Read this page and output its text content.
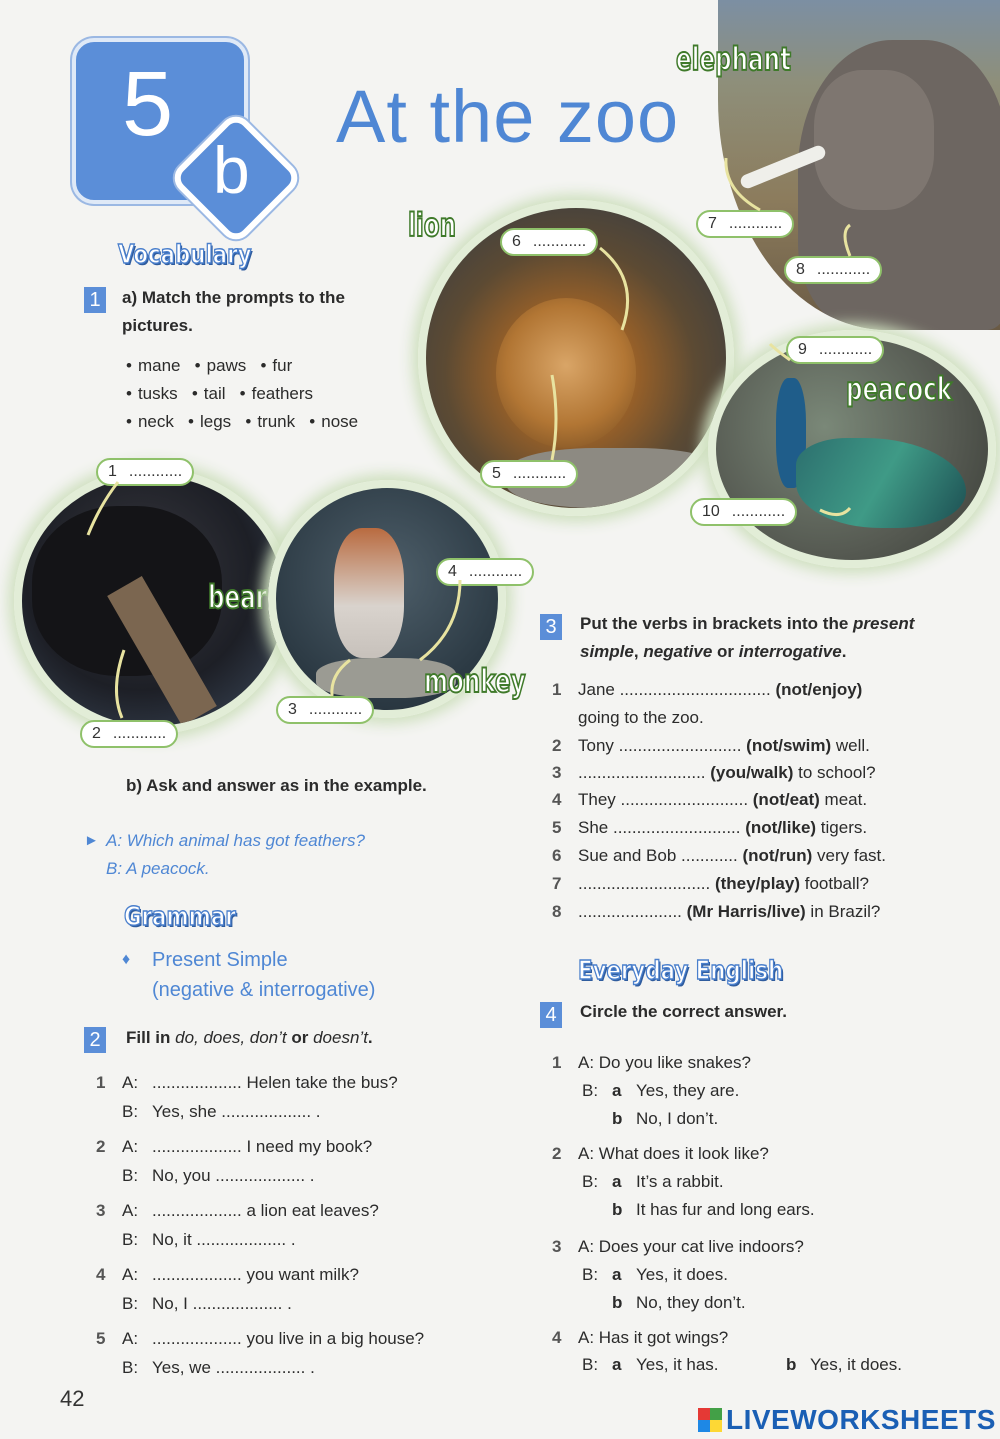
5
b
At the zoo
elephant
lion
peacock
bear
monkey
1 ............
2 ............
3 ............
4 ............
5 ............
6 ............
7 ............
8 ............
9 ............
10 ............
Vocabulary
1	a) Match the prompts to the
pictures.
• mane • paws • fur
• tusks • tail • feathers
• neck • legs • trunk • nose
b) Ask and answer as in the example.
► A: Which animal has got feathers?
B: A peacock.
Grammar
♦ Present Simple
(negative & interrogative)
2	Fill in do, does, don’t or doesn’t.
1 A: ................... Helen take the bus?
B: Yes, she ................... .
2 A: ................... I need my book?
B: No, you ................... .
3 A: ................... a lion eat leaves?
B: No, it ................... .
4 A: ................... you want milk?
B: No, I ................... .
5 A: ................... you live in a big house?
B: Yes, we ................... .
3	Put the verbs in brackets into the present
simple, negative or interrogative.
1 Jane ................................ (not/enjoy)
going to the zoo.
2 Tony .......................... (not/swim) well.
3 ........................... (you/walk) to school?
4 They ........................... (not/eat) meat.
5 She ........................... (not/like) tigers.
6 Sue and Bob ............ (not/run) very fast.
7 ............................ (they/play) football?
8 ...................... (Mr Harris/live) in Brazil?
Everyday English
4	Circle the correct answer.
1 A: Do you like snakes?
B: a Yes, they are.
b No, I don’t.
2 A: What does it look like?
B: a It’s a rabbit.
b It has fur and long ears.
3 A: Does your cat live indoors?
B: a Yes, it does.
b No, they don’t.
4 A: Has it got wings?
B: a Yes, it has.	b Yes, it does.
42
LIVEWORKSHEETS
